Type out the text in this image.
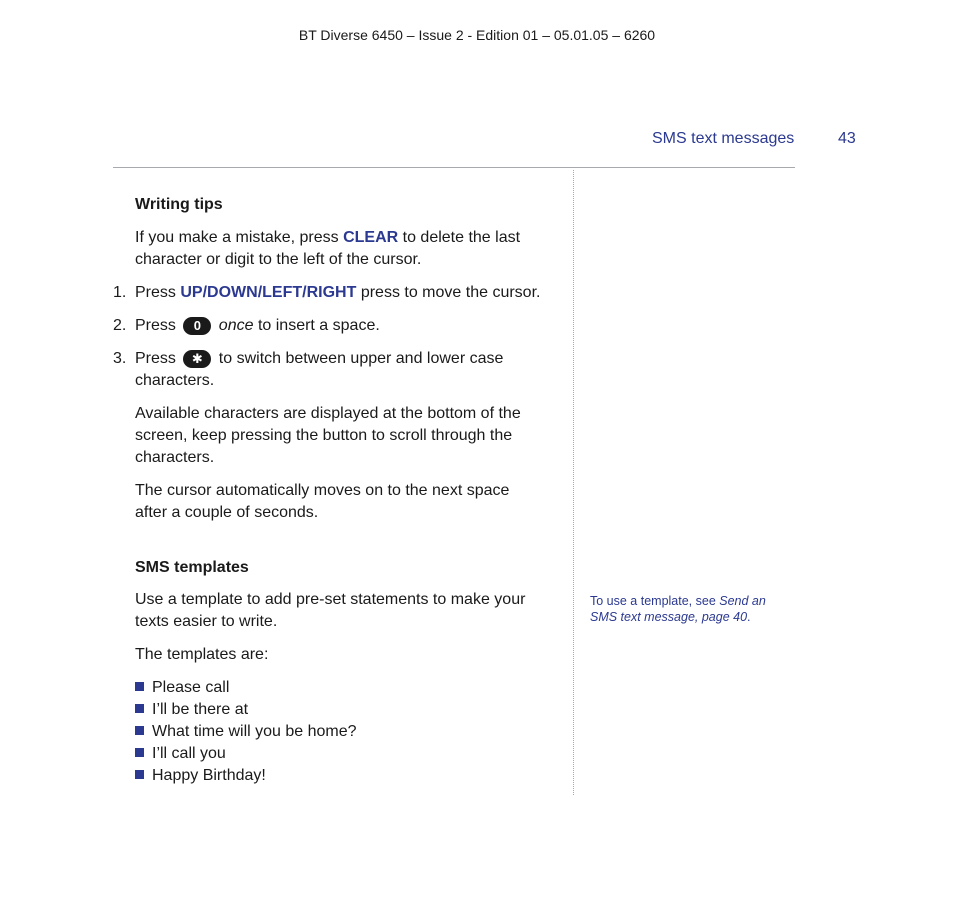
BT Diverse 6450 – Issue 2 - Edition 01 – 05.01.05 – 6260
SMS text messages	43
Writing tips
If you make a mistake, press CLEAR to delete the last
character or digit to the left of the cursor.
1. Press UP/DOWN/LEFT/RIGHT press to move the cursor.
2. Press 0 once to insert a space.
3. Press ✱ to switch between upper and lower case
characters.
Available characters are displayed at the bottom of the
screen, keep pressing the button to scroll through the
characters.
The cursor automatically moves on to the next space
after a couple of seconds.
SMS templates
Use a template to add pre-set statements to make your
texts easier to write.
The templates are:
Please call
I’ll be there at
What time will you be home?
I’ll call you
Happy Birthday!
To use a template, see Send an
SMS text message, page 40.
